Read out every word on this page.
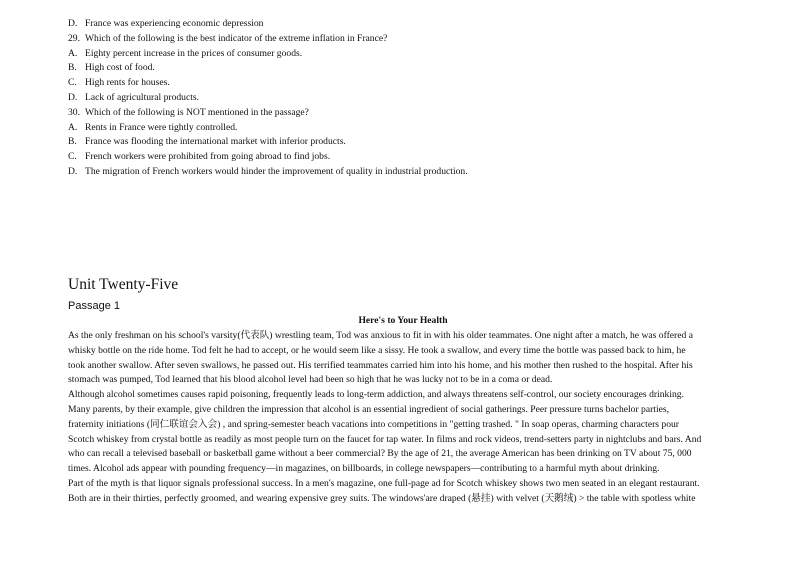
D. France was experiencing economic depression
29. Which of the following is the best indicator of the extreme inflation in France?
A. Eighty percent increase in the prices of consumer goods.
B. High cost of food.
C. High rents for houses.
D. Lack of agricultural products.
30. Which of the following is NOT mentioned in the passage?
A. Rents in France were tightly controlled.
B. France was flooding the international market with inferior products.
C. French workers were prohibited from going abroad to find jobs.
D. The migration of French workers would hinder the improvement of quality in industrial production.
Unit Twenty-Five
Passage 1
Here's to Your Health
As the only freshman on his school's varsity(代表队) wrestling team, Tod was anxious to fit in with his older teammates. One night after a match, he was offered a
whisky bottle on the ride home. Tod felt he had to accept, or he would seem like a sissy. He took a swallow, and every time the bottle was passed back to him, he
took another swallow. After seven swallows, he passed out. His terrified teammates carried him into his home, and his mother then rushed to the hospital. After his
stomach was pumped, Tod learned that his blood alcohol level had been so high that he was lucky not to be in a coma or dead.
Although alcohol sometimes causes rapid poisoning, frequently leads to long-term addiction, and always threatens self-control, our society encourages drinking.
Many parents, by their example, give children the impression that alcohol is an essential ingredient of social gatherings. Peer pressure turns bachelor parties,
fraternity initiations (同仁联谊会入会) , and spring-semester beach vacations into competitions in "getting trashed. " In soap operas, charming characters pour
Scotch whiskey from crystal bottle as readily as most people turn on the faucet for tap water. In films and rock videos, trend-setters party in nightclubs and bars. And
who can recall a televised baseball or basketball game without a beer commercial? By the age of 21, the average American has been drinking on TV about 75, 000
times. Alcohol ads appear with pounding frequency—in magazines, on billboards, in college newspapers—contributing to a harmful myth about drinking.
Part of the myth is that liquor signals professional success. In a men's magazine, one full-page ad for Scotch whiskey shows two men seated in an elegant restaurant.
Both are in their thirties, perfectly groomed, and wearing expensive grey suits. The windows'are draped (悬挂) with velvet (天鹅绒) > the table with spotless white
